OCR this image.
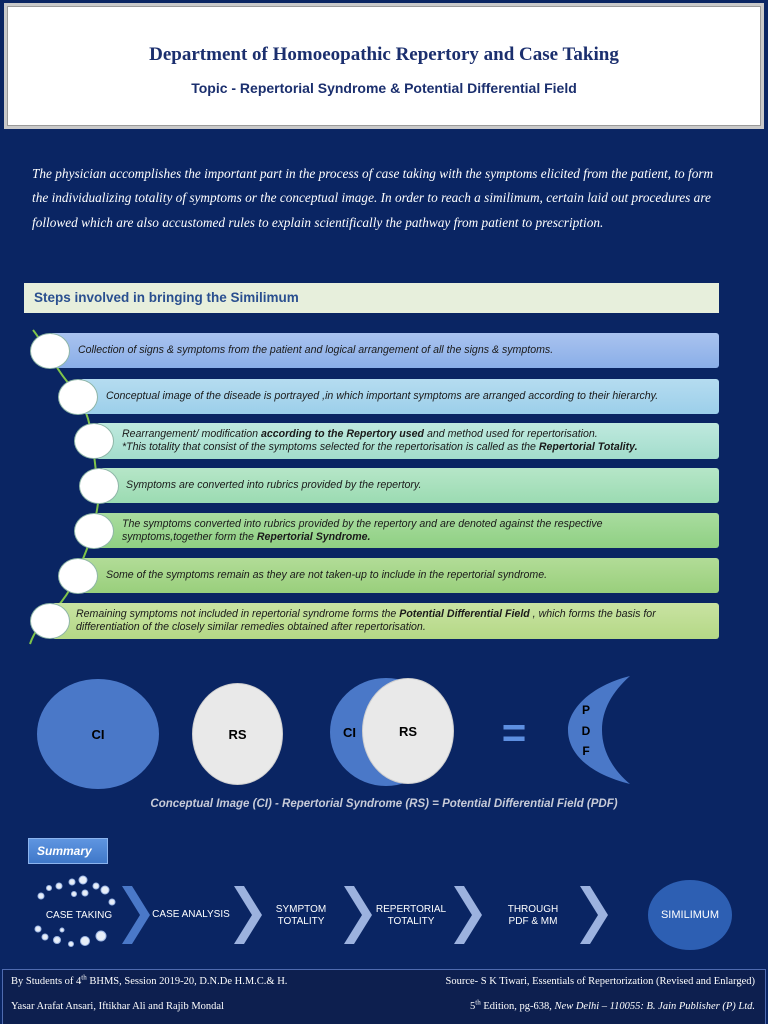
Department of Homoeopathic Repertory and Case Taking
Topic - Repertorial Syndrome & Potential Differential Field

The physician accomplishes the important part in the process of case taking with the symptoms elicited from the patient, to form the individualizing totality of symptoms or the conceptual image. In order to reach a similimum, certain laid out procedures are followed which are also accustomed rules to explain scientifically the pathway from patient to prescription.

Steps involved in bringing the Similimum
Collection of signs & symptoms from the patient and logical arrangement of all the signs & symptoms.
Conceptual image of the diseade is portrayed ,in which important symptoms are arranged according to their hierarchy.
Rearrangement/ modification according to the Repertory used and method used for repertorisation.
*This totality that consist of the symptoms selected for the repertorisation is called as the Repertorial Totality.
Symptoms are converted into rubrics provided by the repertory.
The symptoms converted into rubrics provided by the repertory and are denoted against the respective symptoms,together form the Repertorial Syndrome.
Some of the symptoms remain as they are not taken-up to include in the repertorial syndrome.
Remaining symptoms not included in repertorial syndrome forms the Potential Differential Field , which forms the basis for differentiation of the closely similar remedies obtained after repertorisation.
CI	RS	CI	RS =	P
D
F
Conceptual Image (CI) - Repertorial Syndrome (RS) = Potential Differential Field (PDF)
Summary
CASE TAKING	CASE ANALYSIS	SYMPTOM
TOTALITY
REPERTORIAL
TOTALITY
THROUGH
PDF & MM
SIMILIMUM
By Students of 4th BHMS, Session 2019-20, D.N.De H.M.C.& H.
Yasar Arafat Ansari, Iftikhar Ali and Rajib Mondal
Source- S K Tiwari, Essentials of Repertorization (Revised and Enlarged)
5th Edition, pg-638, New Delhi – 110055: B. Jain Publisher (P) Ltd.
